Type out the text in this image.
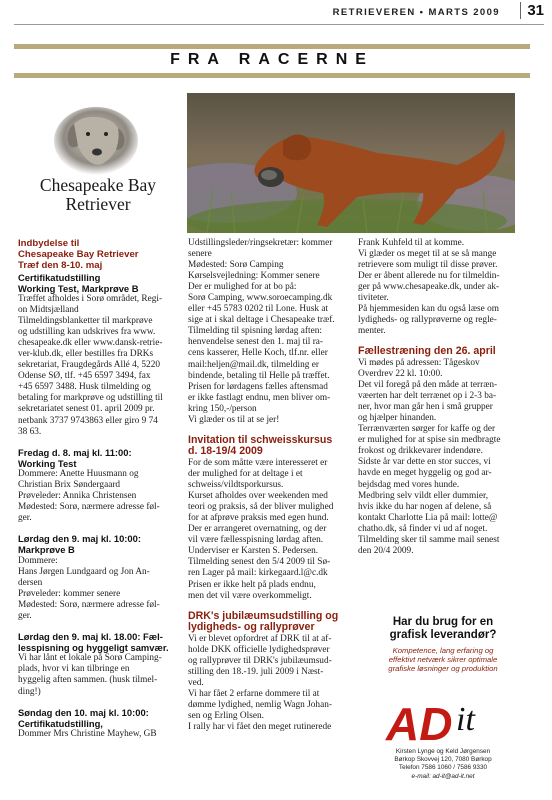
RETRIEVEREN • MARTS 2009	31
FRA RACERNE
Chesapeake Bay
Retriever

Indbydelse til

Chesapeake Bay Retriever

Træf den 8-10. maj

Certifikatudstilling

Working Test, Markprøve B

Træffet afholdes i Sorø området, Regi-

on Midtsjælland

Tilmeldingsblanketter til markprøve

og udstilling kan udskrives fra www.

chesapeake.dk eller www.dansk-retrie-

ver-klub.dk, eller bestilles fra DRKs

sekretariat, Fraugdegårds Allé 4, 5220

Odense SØ, tlf. +45 6597 3494, fax

+45 6597 3488. Husk tilmelding og

betaling for markprøve og udstilling til

sekretariatet senest 01. april 2009 pr.

netbank 3737 9743863 eller giro 9 74

38 63.

Fredag d. 8. maj kl. 11:00:

Working Test

Dommere: Anette Huusmann og

Christian Brix Søndergaard

Prøveleder: Annika Christensen

Mødested: Sorø, nærmere adresse føl-

ger.

Lørdag den 9. maj kl. 10:00:

Markprøve B

Dommere:

Hans Jørgen Lundgaard og Jon An-

dersen

Prøveleder: kommer senere

Mødested: Sorø, nærmere adresse føl-

ger.

Lørdag den 9. maj kl. 18.00: Fæl-

lesspisning og hyggeligt samvær.

Vi har lånt et lokale på Sorø Camping-

plads, hvor vi kan tilbringe en

hyggelig aften sammen. (husk tilmel-

ding!)

Søndag den 10. maj kl. 10:00:

Certifikatudstilling,

Dommer Mrs Christine Mayhew, GB

Udstillingsleder/ringsekretær: kommer

senere

Mødested: Sorø Camping

Kørselsvejledning: Kommer senere

Der er mulighed for at bo på:

Sorø Camping, www.soroecamping.dk

eller +45 5783 0202 til Lone. Husk at

sige at i skal deltage i Chesapeake træf.

Tilmelding til spisning lørdag aften:

henvendelse senest den 1. maj til ra-

cens kasserer, Helle Koch, tlf.nr. eller

mail:heljen@mail.dk, tilmelding er

bindende, betaling til Helle på træffet.

Prisen for lørdagens fælles aftensmad

er ikke fastlagt endnu, men bliver om-

kring 150,-/person

Vi glæder os til at se jer!

Invitation til schweisskursus

d. 18-19/4 2009

For de som måtte være interesseret er

der mulighed for at deltage i et

schweiss/vildtsporkursus.

Kurset afholdes over weekenden med

teori og praksis, så der bliver mulighed

for at afprøve praksis med egen hund.

Der er arrangeret overnatning, og der

vil være fællesspisning lørdag aften.

Underviser er Karsten S. Pedersen.

Tilmelding senest den 5/4 2009 til Sø-

ren Lager på mail: kirkegaard.l@c.dk

Prisen er ikke helt på plads endnu,

men det vil være overkommeligt.

DRK's jubilæumsudstilling og

lydigheds- og rallyprøver

Vi er blevet opfordret af DRK til at af-

holde DKK officielle lydighedsprøver

og rallyprøver til DRK's jubilæumsud-

stilling den 18.-19. juli 2009 i Næst-

ved.

Vi har fået 2 erfarne dommere til at

dømme lydighed, nemlig Wagn Johan-

sen og Erling Olsen.

I rally har vi fået den meget rutinerede

Frank Kuhfeld til at komme.

Vi glæder os meget til at se så mange

retrievere som muligt til disse prøver.

Der er åbent allerede nu for tilmeldin-

ger på www.chesapeake.dk, under ak-

tiviteter.

På hjemmesiden kan du også læse om

lydigheds- og rallyprøverne og regle-

menter.

Fællestræning den 26. april

Vi mødes på adressen: Tågeskov

Overdrev 22 kl. 10:00.

Det vil foregå på den måde at terræn-

væerten har delt terrænet op i 2-3 ba-

ner, hvor man går hen i små grupper

og hjælper hinanden.

Terrænværten sørger for kaffe og der

er mulighed for at spise sin medbragte

frokost og drikkevarer indendøre.

Sidste år var dette en stor succes, vi

havde en meget hyggelig og god ar-

bejdsdag med vores hunde.

Medbring selv vildt eller dummier,

hvis ikke du har nogen af delene, så

kontakt Charlotte Lia på mail: lotte@

chatho.dk, så finder vi ud af noget.

Tilmelding sker til samme mail senest

den 20/4 2009.

Har du brug for en

grafisk leverandør?

Kompetence, lang erfaring og

effektivt netværk sikrer optimale

grafiske løsninger og produktion

AD it

Kirsten Lynge og Keld Jørgensen

Børkop Skovvej 120, 7080 Børkop

Telefon 7586 1060 / 7586 9330

e-mail: ad-it@ad-it.net
